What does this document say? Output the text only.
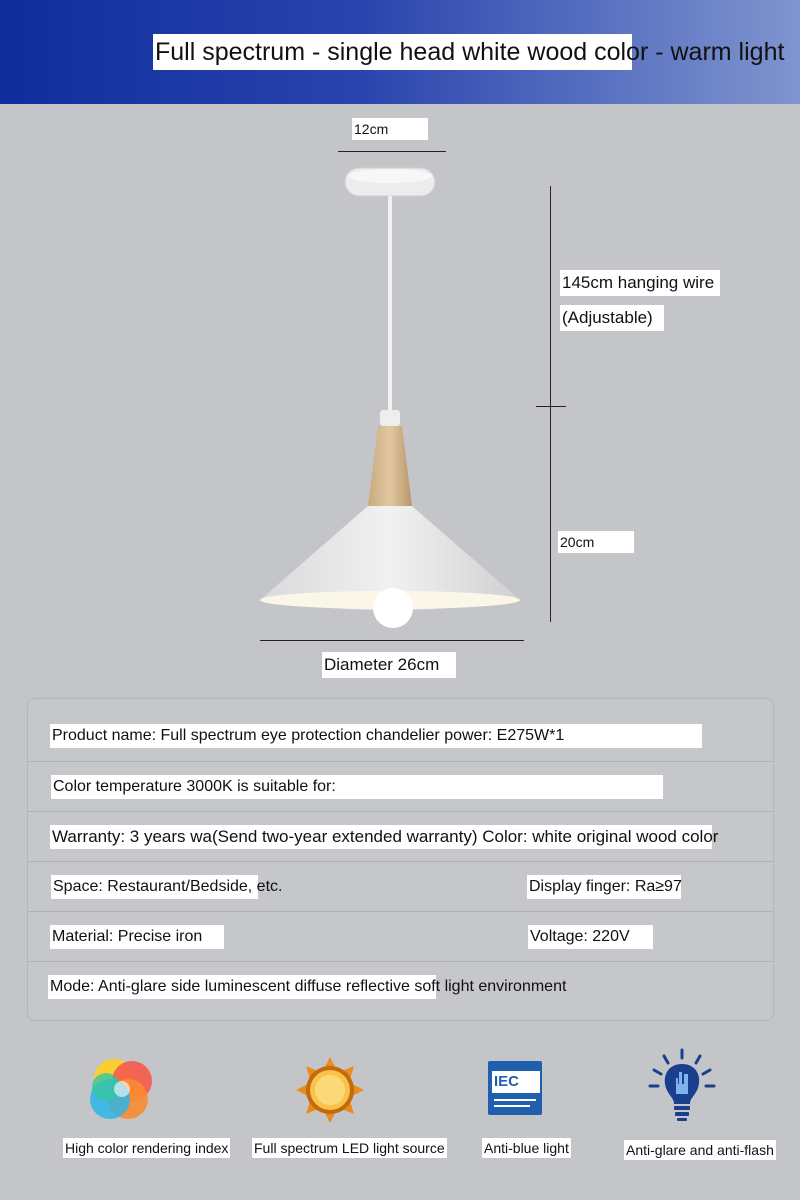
Full spectrum - single head white wood color - warm light
12cm
145cm hanging wire
(Adjustable)
20cm
Diameter 26cm
Product name: Full spectrum eye protection chandelier power: E275W*1
Color temperature 3000K is suitable for:
Warranty: 3 years wa(Send two-year extended warranty) Color: white original wood color
Space: Restaurant/Bedside, etc.	Display finger: Ra≥97
Material: Precise iron	Voltage: 220V
Mode: Anti-glare side luminescent diffuse reflective soft light environment
High color rendering index Full spectrum LED light source
IEC
Anti-blue light	Anti-glare and anti-flash
